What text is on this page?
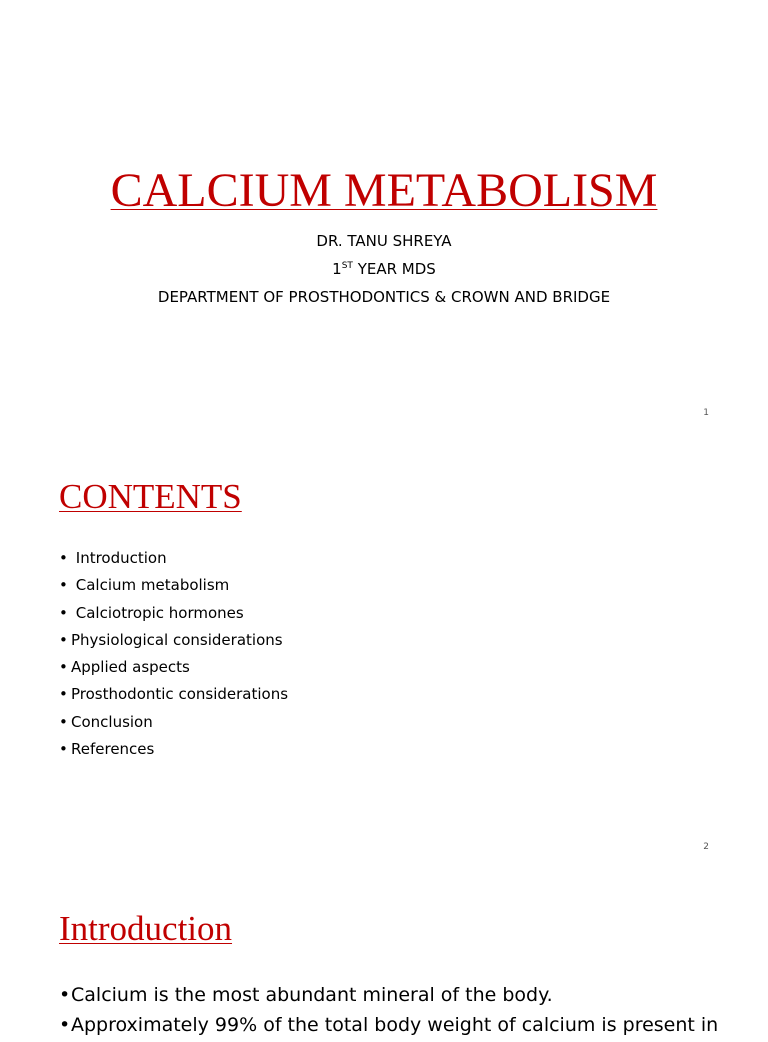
CALCIUM METABOLISM
DR. TANU SHREYA
1ST YEAR MDS
DEPARTMENT OF PROSTHODONTICS & CROWN AND BRIDGE
1
CONTENTS
• Introduction
• Calcium metabolism
• Calciotropic hormones
• Physiological considerations
• Applied aspects
• Prosthodontic considerations
• Conclusion
• References
2
Introduction
•Calcium is the most abundant mineral of the body.
•Approximately 99% of the total body weight of calcium is present in
